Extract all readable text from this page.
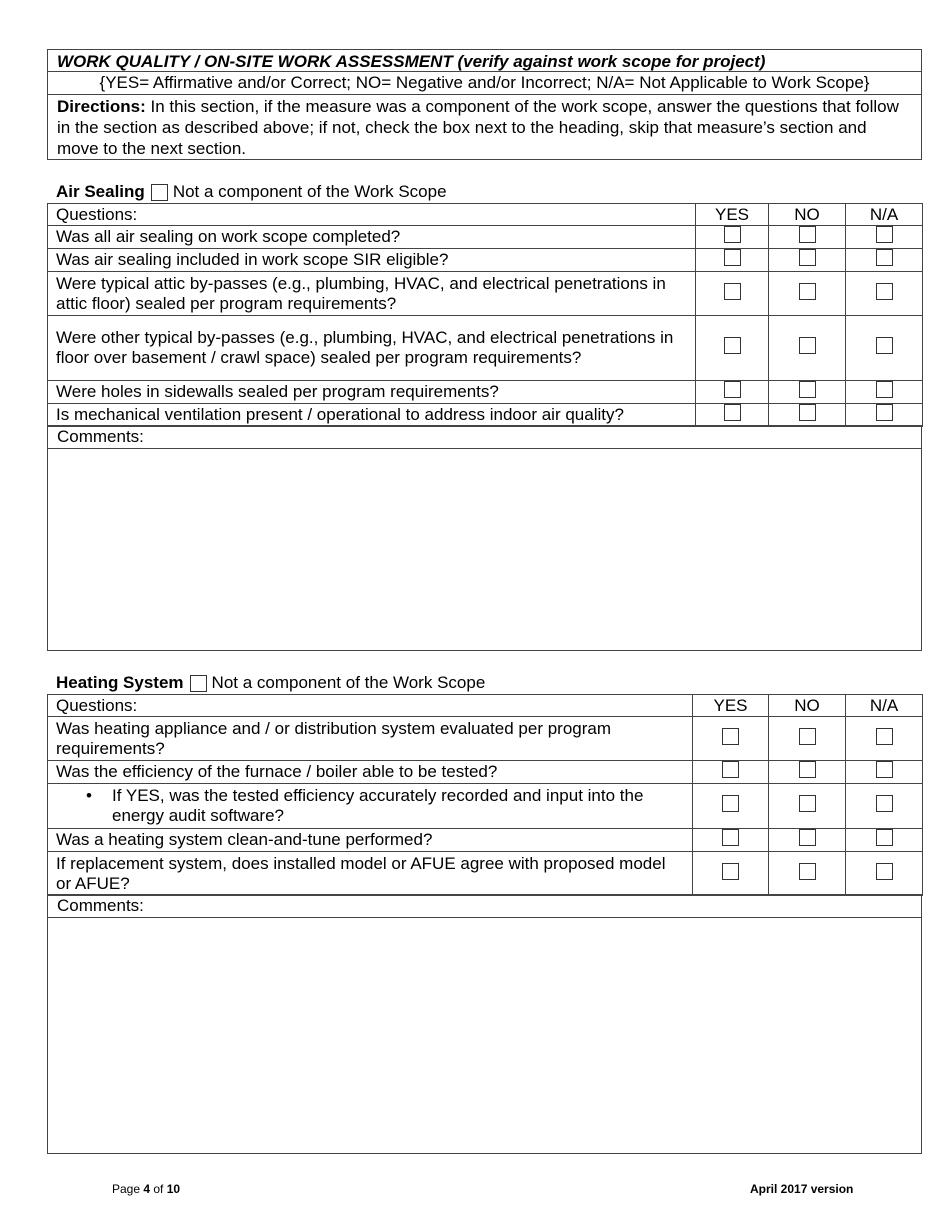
WORK QUALITY / ON-SITE WORK ASSESSMENT (verify against work scope for project)
{YES= Affirmative and/or Correct; NO= Negative and/or Incorrect; N/A= Not Applicable to Work Scope}
Directions: In this section, if the measure was a component of the work scope, answer the questions that follow in the section as described above; if not, check the box next to the heading, skip that measure’s section and move to the next section.
Air Sealing Not a component of the Work Scope
Questions:	YES	NO	N/A
Was all air sealing on work scope completed?			
Was air sealing included in work scope SIR eligible?			
Were typical attic by-passes (e.g., plumbing, HVAC, and electrical penetrations in attic floor) sealed per program requirements?			
Were other typical by-passes (e.g., plumbing, HVAC, and electrical penetrations in floor over basement / crawl space) sealed per program requirements?			
Were holes in sidewalls sealed per program requirements?			
Is mechanical ventilation present / operational to address indoor air quality?			
Comments:
Heating System Not a component of the Work Scope
Questions:	YES	NO	N/A
Was heating appliance and / or distribution system evaluated per program requirements?			
Was the efficiency of the furnace / boiler able to be tested?			

• If YES, was the tested efficiency accurately recorded and input into the energy audit software?			

Was a heating system clean-and-tune performed?			
If replacement system, does installed model or AFUE agree with proposed model or AFUE?			
Comments:
Page 4 of 10	April 2017 version
